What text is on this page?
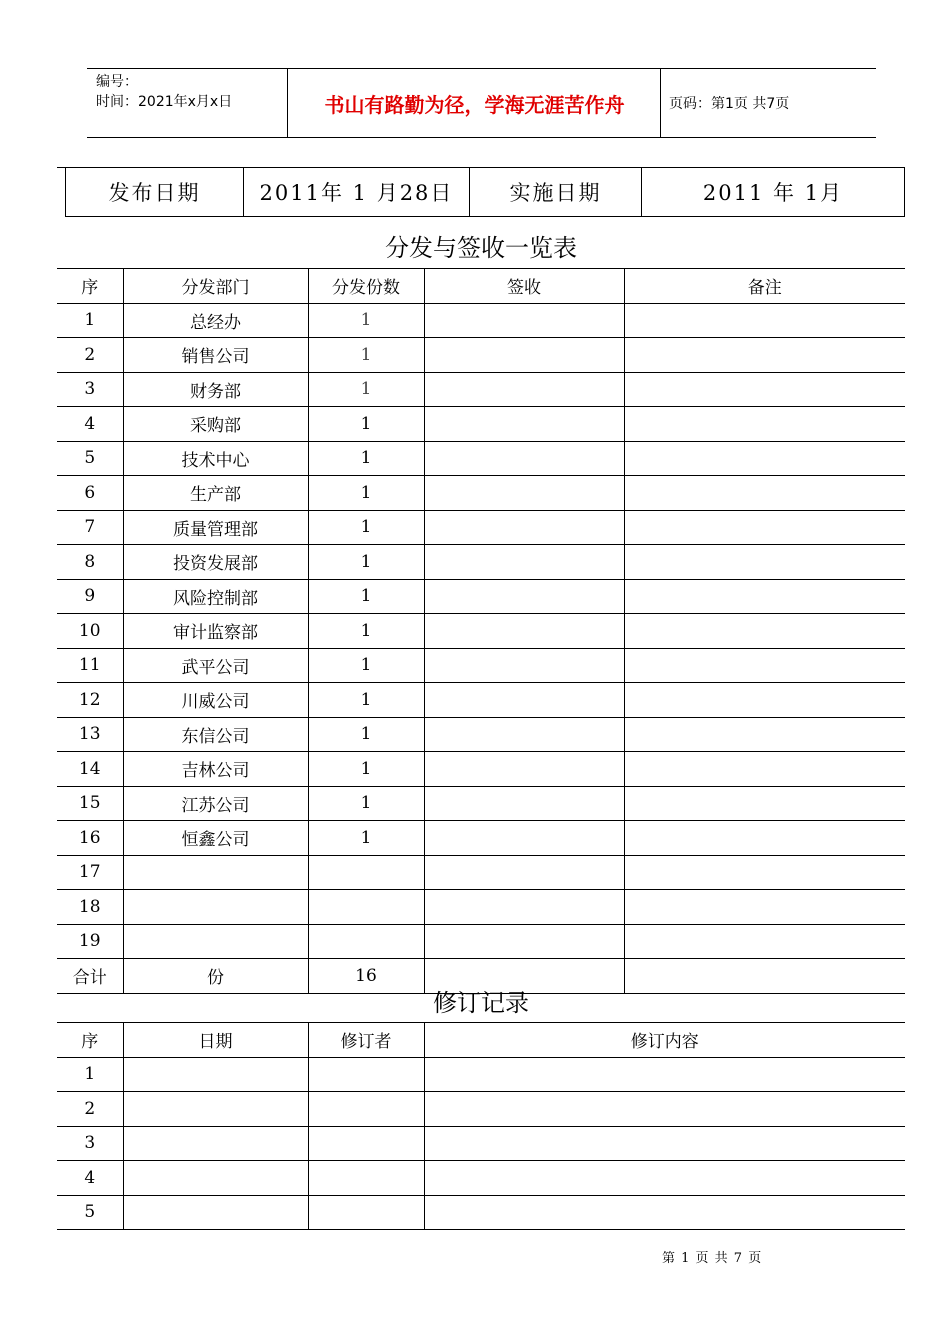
编号：
时间：2021年x月x日	书山有路勤为径，学海无涯苦作舟	页码：第1页 共7页
发布日期	2011年 1 月28日	实施日期	2011 年 1月
分发与签收一览表
序	分发部门	分发份数	签收	备注
1	总经办	1		
2	销售公司	1		
3	财务部	1		
4	采购部	1		
5	技术中心	1		
6	生产部	1		
7	质量管理部	1		
8	投资发展部	1		
9	风险控制部	1		
10	审计监察部	1		
11	武平公司	1		
12	川威公司	1		
13	东信公司	1		
14	吉林公司	1		
15	江苏公司	1		
16	恒鑫公司	1		
17				
18				
19				
合计	份	16		
修订记录
序	日期	修订者	修订内容
1			
2			
3			
4			
5			
第 1 页 共 7 页
